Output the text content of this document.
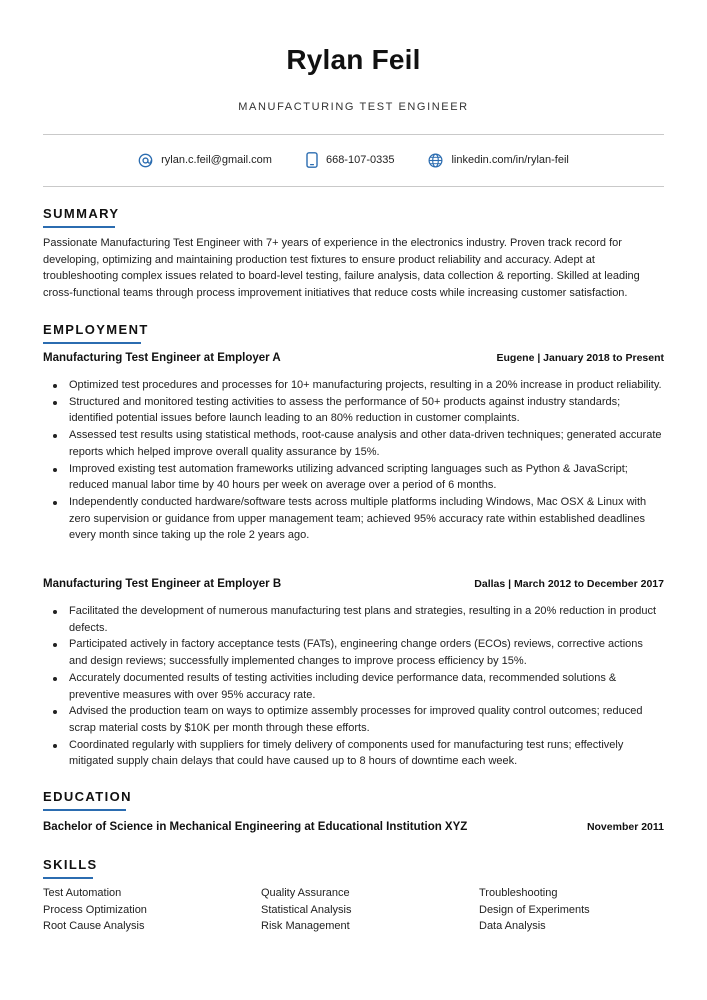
Rylan Feil
MANUFACTURING TEST ENGINEER
rylan.c.feil@gmail.com	668-107-0335	linkedin.com/in/rylan-feil
SUMMARY
Passionate Manufacturing Test Engineer with 7+ years of experience in the electronics industry. Proven track record for developing, optimizing and maintaining production test fixtures to ensure product reliability and accuracy. Adept at troubleshooting complex issues related to board-level testing, failure analysis, data collection & reporting. Skilled at leading cross-functional teams through process improvement initiatives that reduce costs while increasing customer satisfaction.
EMPLOYMENT
Manufacturing Test Engineer at Employer A	Eugene | January 2018 to Present
Optimized test procedures and processes for 10+ manufacturing projects, resulting in a 20% increase in product reliability.
Structured and monitored testing activities to assess the performance of 50+ products against industry standards; identified potential issues before launch leading to an 80% reduction in customer complaints.
Assessed test results using statistical methods, root-cause analysis and other data-driven techniques; generated accurate reports which helped improve overall quality assurance by 15%.
Improved existing test automation frameworks utilizing advanced scripting languages such as Python & JavaScript; reduced manual labor time by 40 hours per week on average over a period of 6 months.
Independently conducted hardware/software tests across multiple platforms including Windows, Mac OSX & Linux with zero supervision or guidance from upper management team; achieved 95% accuracy rate within established deadlines every month since taking up the role 2 years ago.
Manufacturing Test Engineer at Employer B	Dallas | March 2012 to December 2017
Facilitated the development of numerous manufacturing test plans and strategies, resulting in a 20% reduction in product defects.
Participated actively in factory acceptance tests (FATs), engineering change orders (ECOs) reviews, corrective actions and design reviews; successfully implemented changes to improve process efficiency by 15%.
Accurately documented results of testing activities including device performance data, recommended solutions & preventive measures with over 95% accuracy rate.
Advised the production team on ways to optimize assembly processes for improved quality control outcomes; reduced scrap material costs by $10K per month through these efforts.
Coordinated regularly with suppliers for timely delivery of components used for manufacturing test runs; effectively mitigated supply chain delays that could have caused up to 8 hours of downtime each week.
EDUCATION
Bachelor of Science in Mechanical Engineering at Educational Institution XYZ	November 2011
SKILLS
Test Automation	Quality Assurance	Troubleshooting
Process Optimization	Statistical Analysis	Design of Experiments
Root Cause Analysis	Risk Management	Data Analysis
